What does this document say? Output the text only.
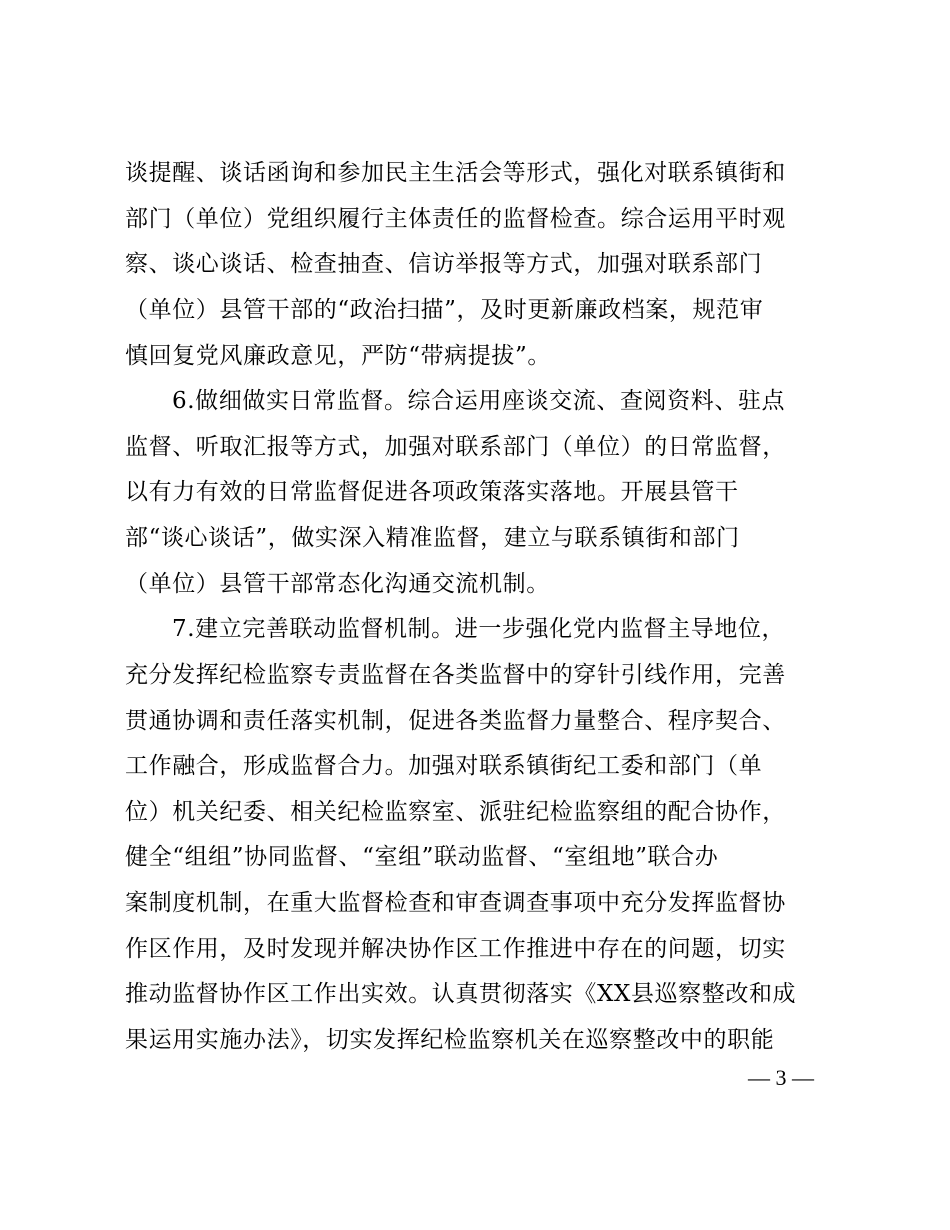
谈提醒、谈话函询和参加民主生活会等形式，强化对联系镇街和
部门（单位）党组织履行主体责任的监督检查。综合运用平时观
察、谈心谈话、检查抽查、信访举报等方式，加强对联系部门
（单位）县管干部的“政治扫描”，及时更新廉政档案，规范审
慎回复党风廉政意见，严防“带病提拔”。
6.做细做实日常监督。综合运用座谈交流、查阅资料、驻点
监督、听取汇报等方式，加强对联系部门（单位）的日常监督，
以有力有效的日常监督促进各项政策落实落地。开展县管干
部“谈心谈话”，做实深入精准监督，建立与联系镇街和部门
（单位）县管干部常态化沟通交流机制。
7.建立完善联动监督机制。进一步强化党内监督主导地位，
充分发挥纪检监察专责监督在各类监督中的穿针引线作用，完善
贯通协调和责任落实机制，促进各类监督力量整合、程序契合、
工作融合，形成监督合力。加强对联系镇街纪工委和部门（单
位）机关纪委、相关纪检监察室、派驻纪检监察组的配合协作，
健全“组组”协同监督、“室组”联动监督、“室组地”联合办
案制度机制，在重大监督检查和审查调查事项中充分发挥监督协
作区作用，及时发现并解决协作区工作推进中存在的问题，切实
推动监督协作区工作出实效。认真贯彻落实《XX县巡察整改和成
果运用实施办法》，切实发挥纪检监察机关在巡察整改中的职能
— 3 —
